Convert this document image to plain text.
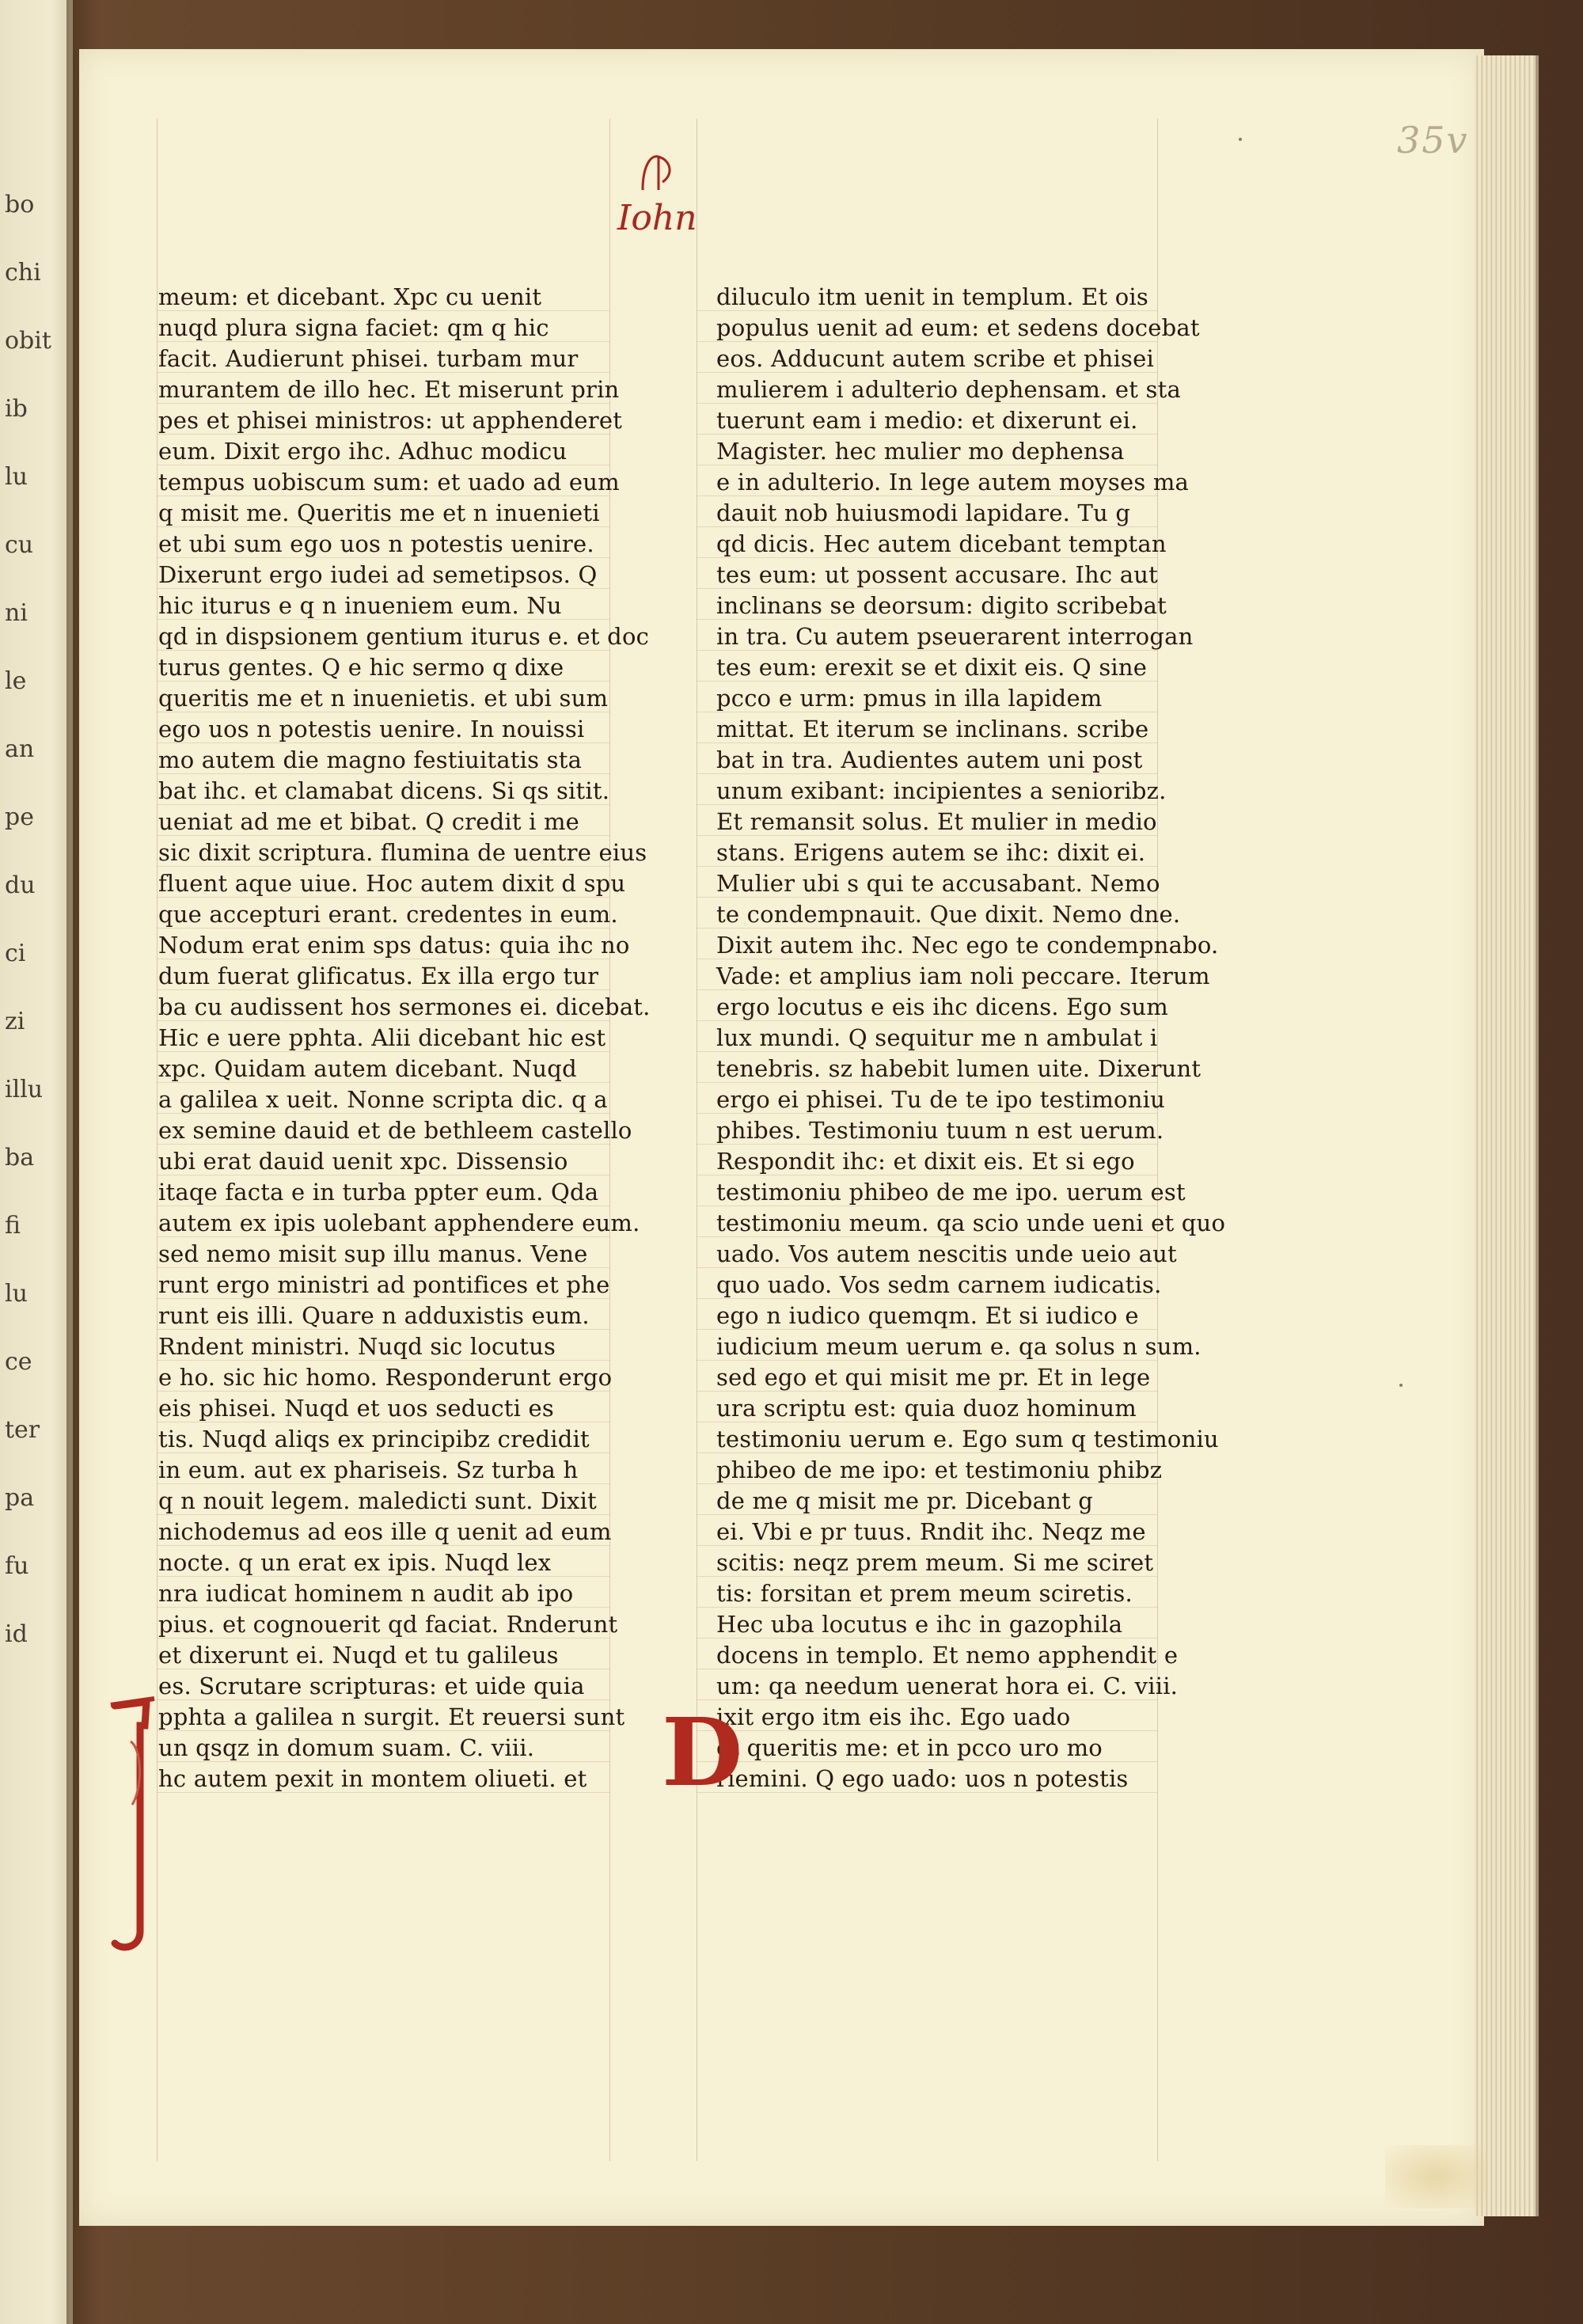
bo
chi
obit
ib
lu
cu
ni
le
an
pe
du
ci
zi
illu
ba
fi
lu
ce
ter
pa
fu
id
35v
Iohn
meum: et dicebant. Xpc cu uenit
nuqd plura signa faciet: qm q hic
facit. Audierunt phisei. turbam mur
murantem de illo hec. Et miserunt prin
pes et phisei ministros: ut apphenderet
eum. Dixit ergo ihc. Adhuc modicu
tempus uobiscum sum: et uado ad eum
q misit me. Queritis me et n inuenieti
et ubi sum ego uos n potestis uenire.
Dixerunt ergo iudei ad semetipsos. Q
hic iturus e q n inueniem eum. Nu
qd in dispsionem gentium iturus e. et doc
turus gentes. Q e hic sermo q dixe
queritis me et n inuenietis. et ubi sum
ego uos n potestis uenire. In nouissi
mo autem die magno festiuitatis sta
bat ihc. et clamabat dicens. Si qs sitit.
ueniat ad me et bibat. Q credit i me
sic dixit scriptura. flumina de uentre eius
fluent aque uiue. Hoc autem dixit d spu
que accepturi erant. credentes in eum.
Nodum erat enim sps datus: quia ihc no
dum fuerat glificatus. Ex illa ergo tur
ba cu audissent hos sermones ei. dicebat.
Hic e uere pphta. Alii dicebant hic est
xpc. Quidam autem dicebant. Nuqd
a galilea x ueit. Nonne scripta dic. q a
ex semine dauid et de bethleem castello
ubi erat dauid uenit xpc. Dissensio
itaqe facta e in turba ppter eum. Qda
autem ex ipis uolebant apphendere eum.
sed nemo misit sup illu manus. Vene
runt ergo ministri ad pontifices et phe
runt eis illi. Quare n adduxistis eum.
Rndent ministri. Nuqd sic locutus
e ho. sic hic homo. Responderunt ergo
eis phisei. Nuqd et uos seducti es
tis. Nuqd aliqs ex principibz credidit
in eum. aut ex phariseis. Sz turba h
q n nouit legem. maledicti sunt. Dixit
nichodemus ad eos ille q uenit ad eum
nocte. q un erat ex ipis. Nuqd lex
nra iudicat hominem n audit ab ipo
pius. et cognouerit qd faciat. Rnderunt
et dixerunt ei. Nuqd et tu galileus
es. Scrutare scripturas: et uide quia
pphta a galilea n surgit. Et reuersi sunt
un qsqz in domum suam. C. viii.
hc autem pexit in montem oliueti. et
diluculo itm uenit in templum. Et ois
populus uenit ad eum: et sedens docebat
eos. Adducunt autem scribe et phisei
mulierem i adulterio dephensam. et sta
tuerunt eam i medio: et dixerunt ei.
Magister. hec mulier mo dephensa
e in adulterio. In lege autem moyses ma
dauit nob huiusmodi lapidare. Tu g
qd dicis. Hec autem dicebant temptan
tes eum: ut possent accusare. Ihc aut
inclinans se deorsum: digito scribebat
in tra. Cu autem pseuerarent interrogan
tes eum: erexit se et dixit eis. Q sine
pcco e urm: pmus in illa lapidem
mittat. Et iterum se inclinans. scribe
bat in tra. Audientes autem uni post
unum exibant: incipientes a senioribz.
Et remansit solus. Et mulier in medio
stans. Erigens autem se ihc: dixit ei.
Mulier ubi s qui te accusabant. Nemo
te condempnauit. Que dixit. Nemo dne.
Dixit autem ihc. Nec ego te condempnabo.
Vade: et amplius iam noli peccare. Iterum
ergo locutus e eis ihc dicens. Ego sum
lux mundi. Q sequitur me n ambulat i
tenebris. sz habebit lumen uite. Dixerunt
ergo ei phisei. Tu de te ipo testimoniu
phibes. Testimoniu tuum n est uerum.
Respondit ihc: et dixit eis. Et si ego
testimoniu phibeo de me ipo. uerum est
testimoniu meum. qa scio unde ueni et quo
uado. Vos autem nescitis unde ueio aut
quo uado. Vos sedm carnem iudicatis.
ego n iudico quemqm. Et si iudico e
iudicium meum uerum e. qa solus n sum.
sed ego et qui misit me pr. Et in lege
ura scriptu est: quia duoz hominum
testimoniu uerum e. Ego sum q testimoniu
phibeo de me ipo: et testimoniu phibz
de me q misit me pr. Dicebant g
ei. Vbi e pr tuus. Rndit ihc. Neqz me
scitis: neqz prem meum. Si me sciret
tis: forsitan et prem meum sciretis.
Hec uba locutus e ihc in gazophila
docens in templo. Et nemo apphendit e
um: qa needum uenerat hora ei. C. viii.
ixit ergo itm eis ihc. Ego uado
et queritis me: et in pcco uro mo
riemini. Q ego uado: uos n potestis
D
